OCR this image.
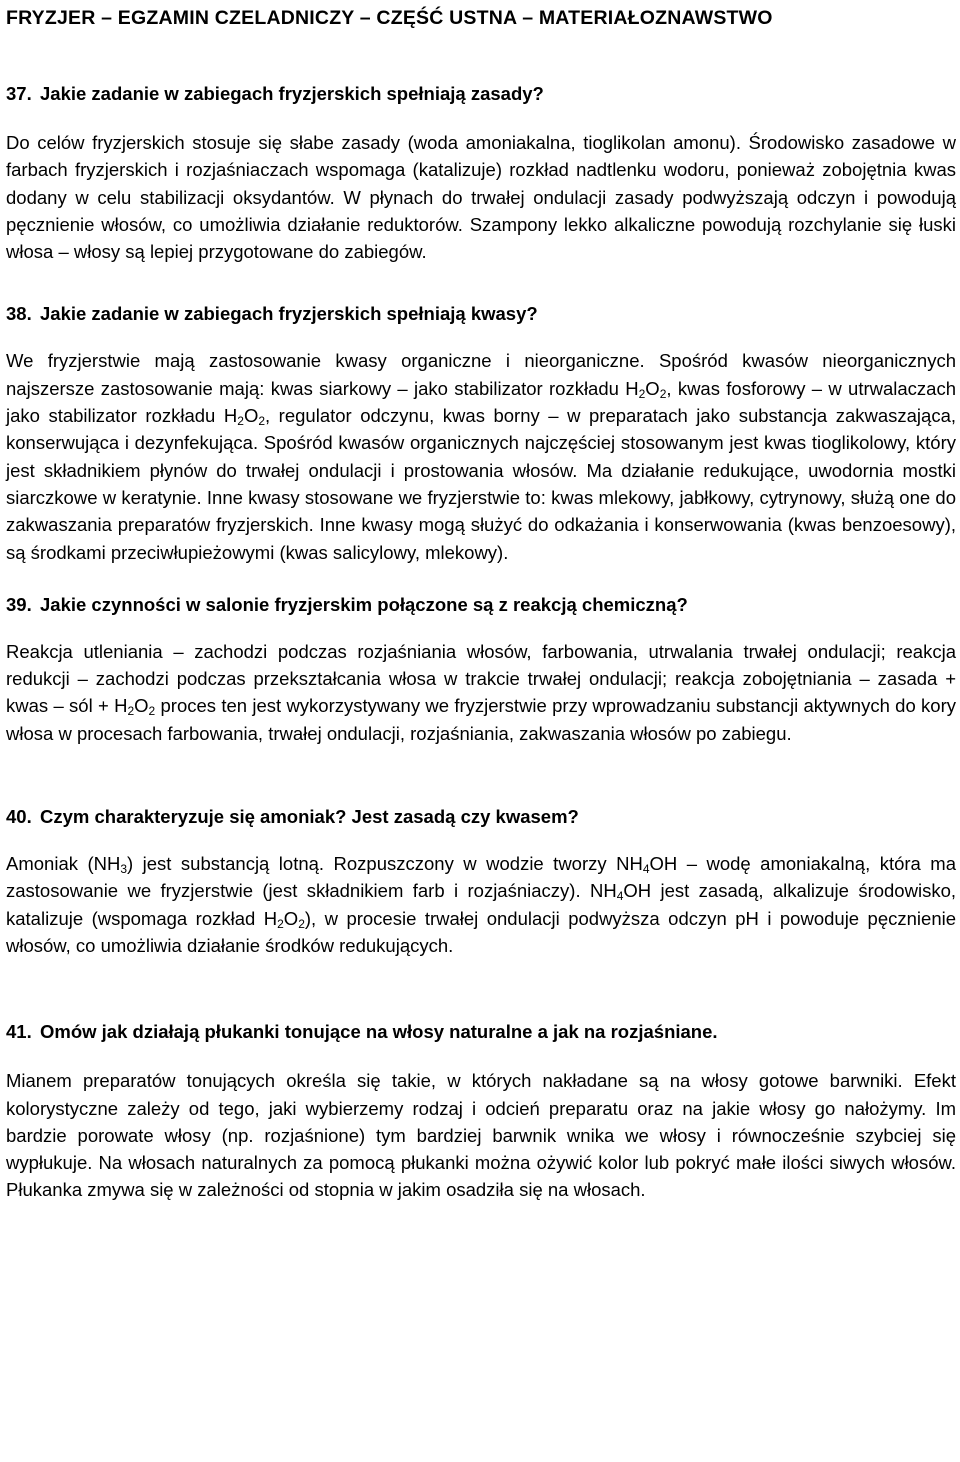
FRYZJER – EGZAMIN CZELADNICZY – CZĘŚĆ USTNA – MATERIAŁOZNAWSTWO
37. Jakie zadanie w zabiegach fryzjerskich spełniają zasady?

Do celów fryzjerskich stosuje się słabe zasady (woda amoniakalna, tioglikolan amonu). Środowisko zasadowe w farbach fryzjerskich i rozjaśniaczach wspomaga (katalizuje) rozkład nadtlenku wodoru, ponieważ zobojętnia kwas dodany w celu stabilizacji oksydantów. W płynach do trwałej ondulacji zasady podwyższają odczyn i powodują pęcznienie włosów, co umożliwia działanie reduktorów. Szampony lekko alkaliczne powodują rozchylanie się łuski włosa – włosy są lepiej przygotowane do zabiegów.

38. Jakie zadanie w zabiegach fryzjerskich spełniają kwasy?

We fryzjerstwie mają zastosowanie kwasy organiczne i nieorganiczne. Spośród kwasów nieorganicznych najszersze zastosowanie mają: kwas siarkowy – jako stabilizator rozkładu $H_2O_2$, kwas fosforowy – w utrwalaczach jako stabilizator rozkładu $H_2O_2$, regulator odczynu, kwas borny – w preparatach jako substancja zakwaszająca, konserwująca i dezynfekująca. Spośród kwasów organicznych najczęściej stosowanym jest kwas tioglikolowy, który jest składnikiem płynów do trwałej ondulacji i prostowania włosów. Ma działanie redukujące, uwodornia mostki siarczkowe w keratynie. Inne kwasy stosowane we fryzjerstwie to: kwas mlekowy, jabłkowy, cytrynowy, służą one do zakwaszania preparatów fryzjerskich. Inne kwasy mogą służyć do odkażania i konserwowania (kwas benzoesowy), są środkami przeciwłupieżowymi (kwas salicylowy, mlekowy).

39. Jakie czynności w salonie fryzjerskim połączone są z reakcją chemiczną?

Reakcja utleniania – zachodzi podczas rozjaśniania włosów, farbowania, utrwalania trwałej ondulacji; reakcja redukcji – zachodzi podczas przekształcania włosa w trakcie trwałej ondulacji; reakcja zobojętniania – zasada + kwas – sól + $H_2O_2$ proces ten jest wykorzystywany we fryzjerstwie przy wprowadzaniu substancji aktywnych do kory włosa w procesach farbowania, trwałej ondulacji, rozjaśniania, zakwaszania włosów po zabiegu.

40. Czym charakteryzuje się amoniak? Jest zasadą czy kwasem?

Amoniak $(NH_3)$ jest substancją lotną. Rozpuszczony w wodzie tworzy $NH_4OH$ – wodę amoniakalną, która ma zastosowanie we fryzjerstwie (jest składnikiem farb i rozjaśniaczy). $NH_4OH$ jest zasadą, alkalizuje środowisko, katalizuje (wspomaga rozkład $H_2O_2$), w procesie trwałej ondulacji podwyższa odczyn pH i powoduje pęcznienie włosów, co umożliwia działanie środków redukujących.

41. Omów jak działają płukanki tonujące na włosy naturalne a jak na rozjaśniane.

Mianem preparatów tonujących określa się takie, w których nakładane są na włosy gotowe barwniki. Efekt kolorystyczne zależy od tego, jaki wybierzemy rodzaj i odcień preparatu oraz na jakie włosy go nałożymy. Im bardzie porowate włosy (np. rozjaśnione) tym bardziej barwnik wnika we włosy i równocześnie szybciej się wypłukuje. Na włosach naturalnych za pomocą płukanki można ożywić kolor lub pokryć małe ilości siwych włosów. Płukanka zmywa się w zależności od stopnia w jakim osadziła się na włosach.
